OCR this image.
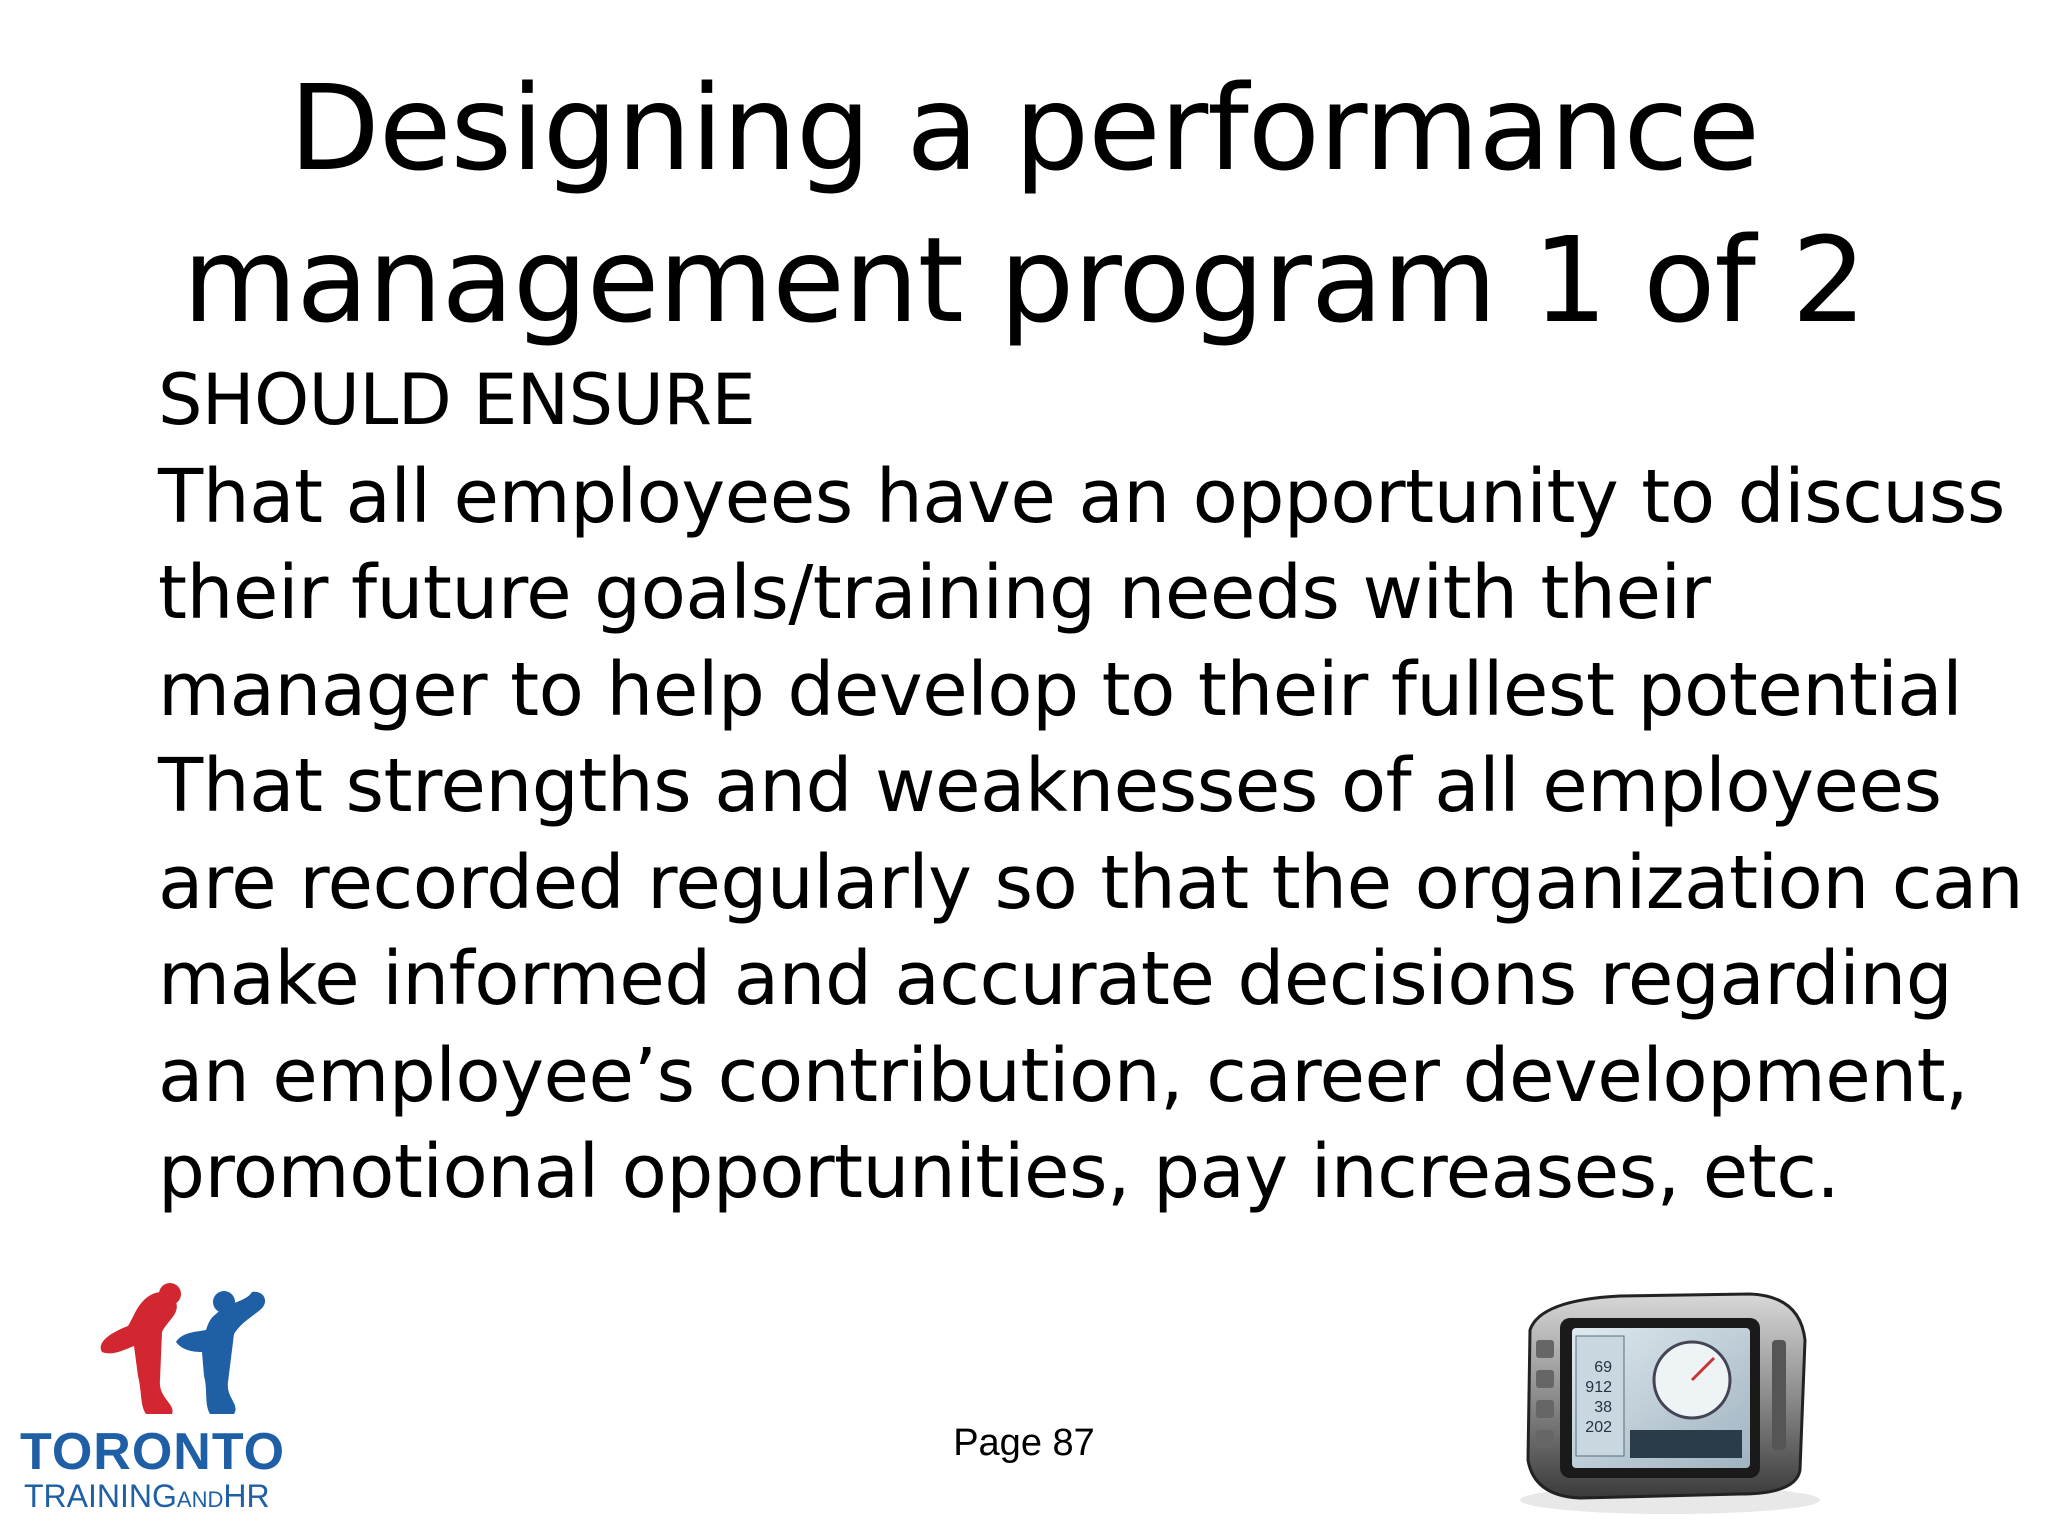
Designing a performance
management program 1 of 2
SHOULD ENSURE
That all employees have an opportunity to discuss
their future goals/training needs with their
manager to help develop to their fullest potential
That strengths and weaknesses of all employees
are recorded regularly so that the organization can
make informed and accurate decisions regarding
an employee’s contribution, career development,
promotional opportunities, pay increases, etc.
TORONTO
TRAININGANDHR
Page 87
69
912
38
202
